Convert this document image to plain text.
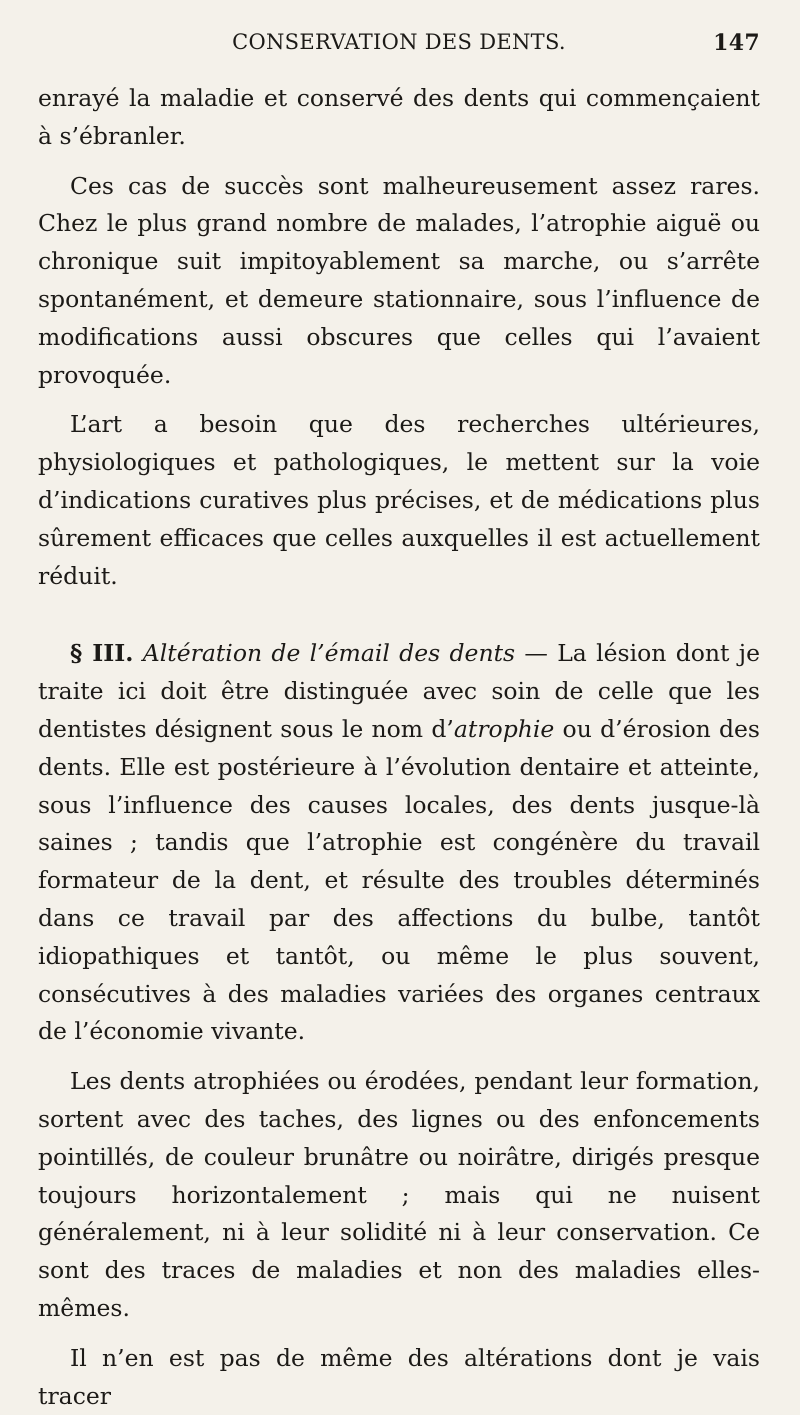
CONSERVATION DES DENTS.	147

enrayé la maladie et conservé des dents qui commençaient à s’ébranler.

Ces cas de succès sont malheureusement assez rares. Chez le plus grand nombre de malades, l’atrophie aiguë ou chronique suit impitoyablement sa marche, ou s’arrête spontanément, et demeure stationnaire, sous l’influence de modifications aussi obscures que celles qui l’avaient provoquée.

L’art a besoin que des recherches ultérieures, physiologiques et pathologiques, le mettent sur la voie d’indications curatives plus précises, et de médications plus sûrement efficaces que celles auxquelles il est actuellement réduit.

§ III. Altération de l’émail des dents — La lésion dont je traite ici doit être distinguée avec soin de celle que les dentistes désignent sous le nom d’atrophie ou d’érosion des dents. Elle est postérieure à l’évolution dentaire et atteinte, sous l’influence des causes locales, des dents jusque-là saines ; tandis que l’atrophie est congénère du travail formateur de la dent, et résulte des troubles déterminés dans ce travail par des affections du bulbe, tantôt idiopathiques et tantôt, ou même le plus souvent, consécutives à des maladies variées des organes centraux de l’économie vivante.

Les dents atrophiées ou érodées, pendant leur formation, sortent avec des taches, des lignes ou des enfoncements pointillés, de couleur brunâtre ou noirâtre, dirigés presque toujours horizontalement ; mais qui ne nuisent généralement, ni à leur solidité ni à leur conservation. Ce sont des traces de maladies et non des maladies elles-mêmes.

Il n’en est pas de même des altérations dont je vais tracer
